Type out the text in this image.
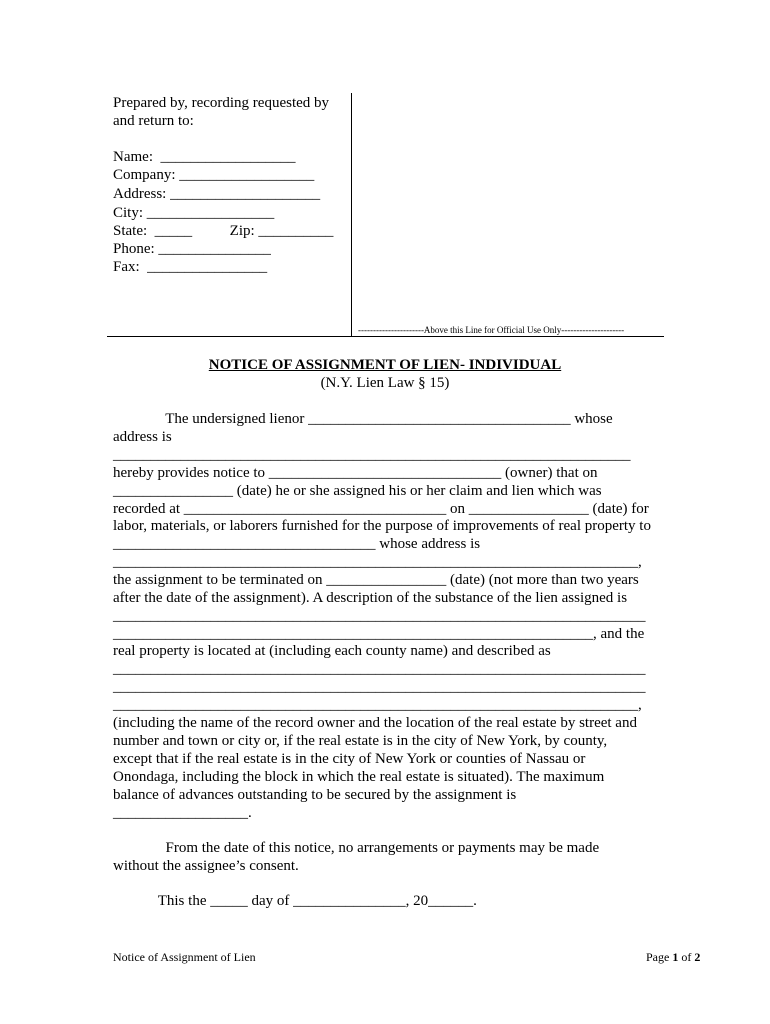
Prepared by, recording requested by
and return to:
Name:  __________________
Company: __________________
Address: ____________________
City: _________________
State:  _____          Zip: __________
Phone: _______________
Fax:  ________________
----------------------Above this Line for Official Use Only---------------------
NOTICE OF ASSIGNMENT OF LIEN- INDIVIDUAL
(N.Y. Lien Law § 15)
The undersigned lienor ___________________________________ whose
address is
_____________________________________________________________________
hereby provides notice to _______________________________ (owner) that on
________________ (date) he or she assigned his or her claim and lien which was
recorded at ___________________________________ on ________________ (date) for
labor, materials, or laborers furnished for the purpose of improvements of real property to
___________________________________ whose address is
______________________________________________________________________,
the assignment to be terminated on ________________ (date) (not more than two years
after the date of the assignment). A description of the substance of the lien assigned is
_______________________________________________________________________
________________________________________________________________, and the
real property is located at (including each county name) and described as
_______________________________________________________________________
_______________________________________________________________________
______________________________________________________________________,
(including the name of the record owner and the location of the real estate by street and
number and town or city or, if the real estate is in the city of New York, by county,
except that if the real estate is in the city of New York or counties of Nassau or
Onondaga, including the block in which the real estate is situated). The maximum
balance of advances outstanding to be secured by the assignment is
__________________.
From the date of this notice, no arrangements or payments may be made
without the assignee’s consent.
This the _____ day of _______________, 20______.
Notice of Assignment of Lien	Page 1 of 2
